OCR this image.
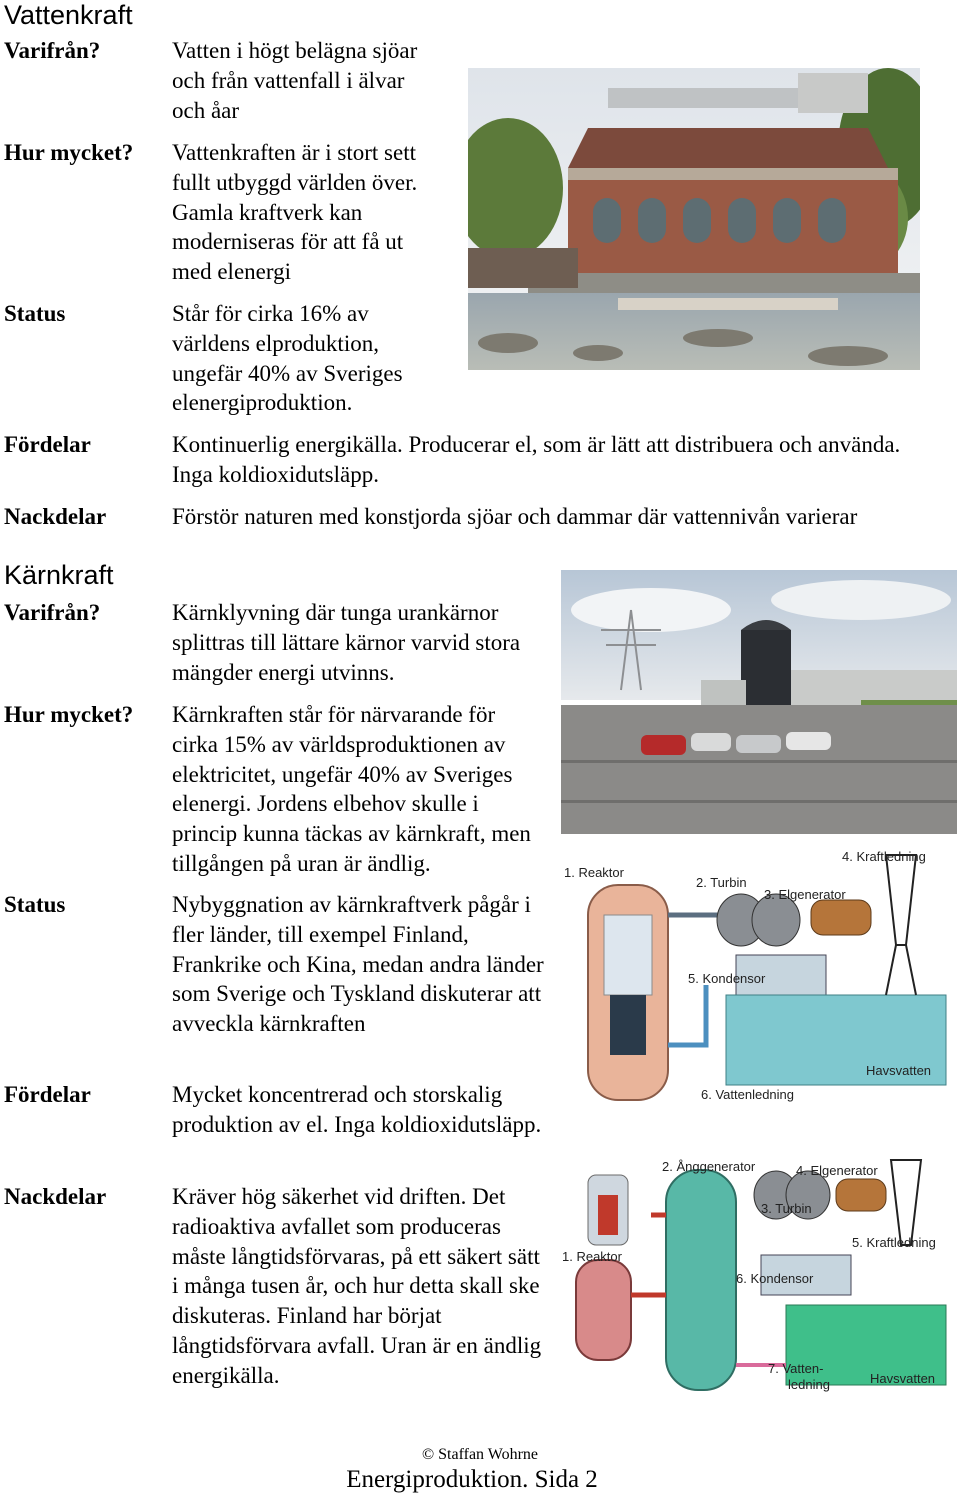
Vattenkraft
Varifrån?	Vatten i högt belägna sjöar och från vattenfall i älvar och åar
Hur mycket? Vattenkraften är i stort sett fullt utbyggd världen över. Gamla kraftverk kan moderniseras för att få ut med elenergi
Status	Står för cirka 16% av världens elproduktion, ungefär 40% av Sveriges elenergiproduktion.
Fördelar	Kontinuerlig energikälla. Producerar el, som är lätt att distribuera och använda. Inga koldioxidutsläpp.
Nackdelar	Förstör naturen med konstjorda sjöar och dammar där vattennivån varierar
Kärnkraft
Varifrån?	Kärnklyvning där tunga urankärnor splittras till lättare kärnor varvid stora mängder energi utvinns.
Hur mycket? Kärnkraften står för närvarande för cirka 15% av världsproduktionen av elektricitet, ungefär 40% av Sveriges elenergi. Jordens elbehov skulle i princip kunna täckas av kärnkraft, men tillgången på uran är ändlig.
Status	Nybyggnation av kärnkraftverk pågår i fler länder, till exempel Finland, Frankrike och Kina, medan andra länder som Sverige och Tyskland diskuterar att avveckla kärnkraften
Fördelar	Mycket koncentrerad och storskalig produktion av el. Inga koldioxidutsläpp.
Nackdelar	Kräver hög säkerhet vid driften. Det radioaktiva avfallet som produceras måste långtidsförvaras, på ett säkert sätt i många tusen år, och hur detta skall ske diskuteras. Finland har börjat långtidsförvara avfall. Uran är en ändlig energikälla.
1. Reaktor
2. Turbin
3. Elgenerator
4. Kraftledning
5. Kondensor
6. Vattenledning
Havsvatten
2. Ånggenerator	4. Elgenerator
3. Turbin
1. Reaktor
5. Kraftledning
6. Kondensor
7. Vatten-
ledning	Havsvatten
© Staffan Wohrne
Energiproduktion. Sida 2
